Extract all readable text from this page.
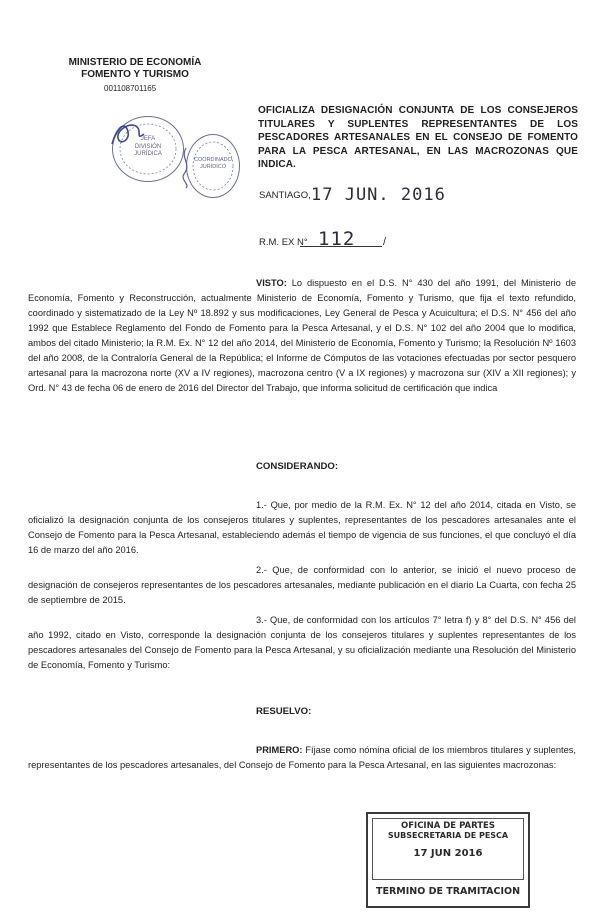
MINISTERIO DE ECONOMÍA
FOMENTO Y TURISMO
001108701165
OFICIALIZA DESIGNACIÓN CONJUNTA DE LOS CONSEJEROS TITULARES Y SUPLENTES REPRESENTANTES DE LOS PESCADORES ARTESANALES EN EL CONSEJO DE FOMENTO PARA LA PESCA ARTESANAL, EN LAS MACROZONAS QUE INDICA.
JEFA
DIVISIÓN
JURÍDICA
COORDINADO
JURÍDICO
SANTIAGO, 17 JUN. 2016
R.M. EX N° 112	/
VISTO: Lo dispuesto en el D.S. N° 430 del año 1991, del Ministerio de Economía, Fomento y Reconstrucción, actualmente Ministerio de Economía, Fomento y Turismo, que fija el texto refundido, coordinado y sistematizado de la Ley Nº 18.892 y sus modificaciones, Ley General de Pesca y Acuicultura; el D.S. N° 456 del año 1992 que Establece Reglamento del Fondo de Fomento para la Pesca Artesanal, y el D.S. N° 102 del año 2004 que lo modifica, ambos del citado Ministerio; la R.M. Ex. N° 12 del año 2014, del Ministerio de Economía, Fomento y Turismo; la Resolución Nº 1603 del año 2008, de la Contraloría General de la República; el Informe de Cómputos de las votaciones efectuadas por sector pesquero artesanal para la macrozona norte (XV a IV regiones), macrozona centro (V a IX regiones) y macrozona sur (XIV a XII regiones); y Ord. N° 43 de fecha 06 de enero de 2016 del Director del Trabajo, que informa solicitud de certificación que indica
CONSIDERANDO:
1.- Que, por medio de la R.M. Ex. N° 12 del año 2014, citada en Visto, se oficializó la designación conjunta de los consejeros titulares y suplentes, representantes de los pescadores artesanales ante el Consejo de Fomento para la Pesca Artesanal, estableciendo además el tiempo de vigencia de sus funciones, el que concluyó el día 16 de marzo del año 2016.
2.- Que, de conformidad con lo anterior, se inició el nuevo proceso de designación de consejeros representantes de los pescadores artesanales, mediante publicación en el diario La Cuarta, con fecha 25 de septiembre de 2015.
3.- Que, de conformidad con los artículos 7° letra f) y 8° del D.S. N° 456 del año 1992, citado en Visto, corresponde la designación conjunta de los consejeros titulares y suplentes representantes de los pescadores artesanales del Consejo de Fomento para la Pesca Artesanal, y su oficialización mediante una Resolución del Ministerio de Economía, Fomento y Turismo:
RESUELVO:
PRIMERO: Fíjase como nómina oficial de los miembros titulares y suplentes, representantes de los pescadores artesanales, del Consejo de Fomento para la Pesca Artesanal, en las siguientes macrozonas:
OFICINA DE PARTES
SUBSECRETARIA DE PESCA
17 JUN 2016
TERMINO DE TRAMITACION
